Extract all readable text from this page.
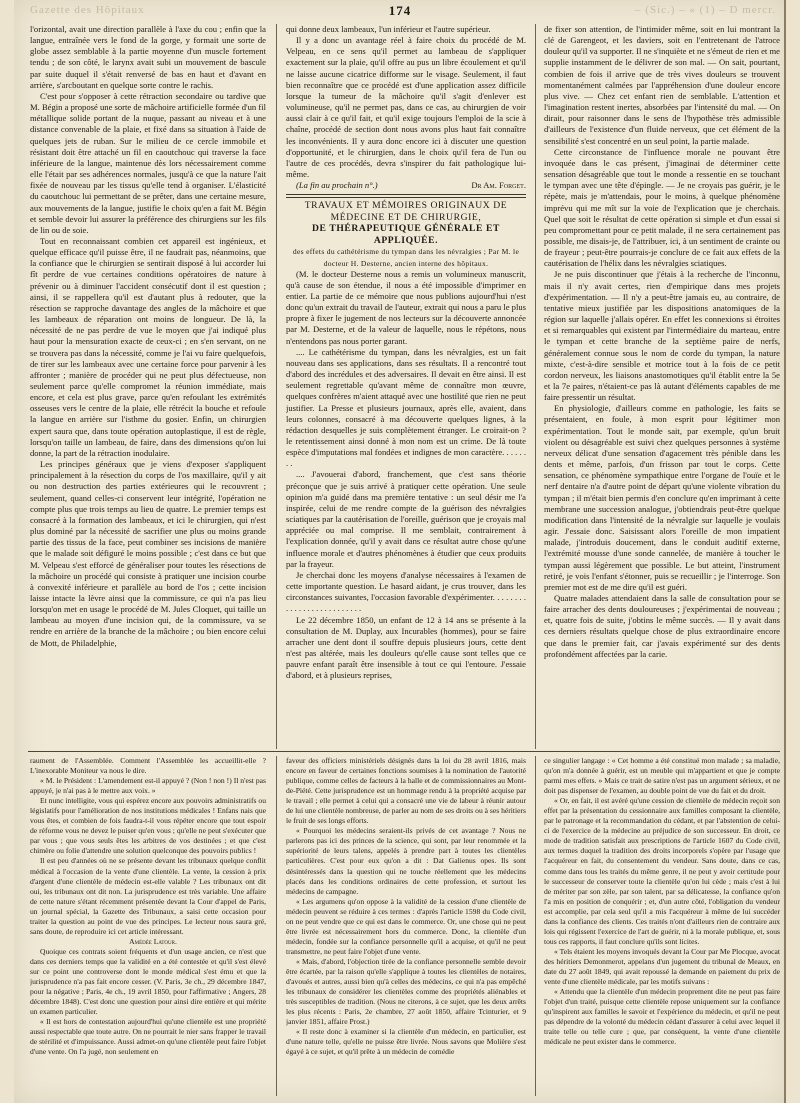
Gazette des Hôpitaux	174	‒ (Sic.) – « (1) ‒ D mercr.

l'orizontal, avait une direction parallèle à l'axe du cou ; enfin que la langue, entraînée vers le fond de la gorge, y formait une sorte de globe assez semblable à la partie moyenne d'un muscle fortement tendu ; de son côté, le larynx avait subi un mouvement de bascule par suite duquel il s'était renversé de bas en haut et d'avant en arrière, s'arcboutant en quelque sorte contre le rachis.

C'est pour s'opposer à cette rétraction secondaire ou tardive que M. Bégin a proposé une sorte de mâchoire artificielle formée d'un fil métallique solide portant de la nuque, passant au niveau et à une distance convenable de la plaie, et fixé dans sa situation à l'aide de quelques jets de ruban. Sur le milieu de ce cercle immobile et résistant doit être attaché un fil en caoutchouc qui traverse la face inférieure de la langue, maintenue dès lors nécessairement comme elle l'était par ses adhérences normales, jusqu'à ce que la nature l'ait fixée de nouveau par les tissus qu'elle tend à organiser. L'élasticité du caoutchouc lui permettant de se prêter, dans une certaine mesure, aux mouvements de la langue, justifie le choix qu'en a fait M. Bégin et semble devoir lui assurer la préférence des chirurgiens sur les fils de lin ou de soie.

Tout en reconnaissant combien cet appareil est ingénieux, et quelque efficace qu'il puisse être, il ne faudrait pas, néanmoins, que la confiance que le chirurgien se sentirait disposé à lui accorder lui fît perdre de vue certaines conditions opératoires de nature à prévenir ou à diminuer l'accident consécutif dont il est question ; ainsi, il se rappellera qu'il est d'autant plus à redouter, que la résection se rapproche davantage des angles de la mâchoire et que les lambeaux de réparation ont moins de longueur. De là, la nécessité de ne pas perdre de vue le moyen que j'ai indiqué plus haut pour la mensuration exacte de ceux-ci ; en s'en servant, on ne se trouvera pas dans la nécessité, comme je l'ai vu faire quelquefois, de tirer sur les lambeaux avec une certaine force pour parvenir à les affronter ; manière de procéder qui ne peut plus défectueuse, non seulement parce qu'elle compromet la réunion immédiate, mais encore, et cela est plus grave, parce qu'en refoulant les extrémités osseuses vers le centre de la plaie, elle rétrécit la bouche et refoule la langue en arrière sur l'isthme du gosier. Enfin, un chirurgien expert saura que, dans toute opération autoplastique, il est de règle, lorsqu'on taille un lambeau, de faire, dans des dimensions qu'on lui donne, la part de la rétraction inodulaire.

Les principes généraux que je viens d'exposer s'appliquent principalement à la résection du corps de l'os maxillaire, qu'il y ait ou non destruction des parties extérieures qui le recouvrent ; seulement, quand celles-ci conservent leur intégrité, l'opération ne compte plus que trois temps au lieu de quatre. Le premier temps est consacré à la formation des lambeaux, et ici le chirurgien, qui n'est plus dominé par la nécessité de sacrifier une plus ou moins grande partie des tissus de la face, peut combiner ses incisions de manière que le malade soit défiguré le moins possible ; c'est dans ce but que M. Velpeau s'est efforcé de généraliser pour toutes les résections de la mâchoire un procédé qui consiste à pratiquer une incision courbe à convexité inférieure et parallèle au bord de l'os ; cette incision laisse intacte la lèvre ainsi que la commissure, ce qui n'a pas lieu lorsqu'on met en usage le procédé de M. Jules Cloquet, qui taille un lambeau au moyen d'une incision qui, de la commissure, va se rendre en arrière de la branche de la mâchoire ; ou bien encore celui de Mott, de Philadelphie,

qui donne deux lambeaux, l'un inférieur et l'autre supérieur.

Il y a donc un avantage réel à faire choix du procédé de M. Velpeau, en ce sens qu'il permet au lambeau de s'appliquer exactement sur la plaie, qu'il offre au pus un libre écoulement et qu'il ne laisse aucune cicatrice difforme sur le visage. Seulement, il faut bien reconnaître que ce procédé est d'une application assez difficile lorsque la tumeur de la mâchoire qu'il s'agit d'enlever est volumineuse, qu'il ne permet pas, dans ce cas, au chirurgien de voir aussi clair à ce qu'il fait, et qu'il exige toujours l'emploi de la scie à chaîne, procédé de section dont nous avons plus haut fait connaître les inconvénients. Il y aura donc encore ici à discuter une question d'opportunité, et le chirurgien, dans le choix qu'il fera de l'un ou l'autre de ces procédés, devra s'inspirer du fait pathologique lui-même.

(La fin au prochain n°.)	Dr Am. Forget.

TRAVAUX ET MÉMOIRES ORIGINAUX DE MÉDECINE ET DE CHIRURGIE,

DE THÉRAPEUTIQUE GÉNÉRALE ET APPLIQUÉE.

des effets du cathétérisme du tympan dans les névralgies ; Par M. le docteur H. Desterne, ancien interne des hôpitaux.

(M. le docteur Desterne nous a remis un volumineux manuscrit, qu'à cause de son étendue, il nous a été impossible d'imprimer en entier. La partie de ce mémoire que nous publions aujourd'hui n'est donc qu'un extrait du travail de l'auteur, extrait qui nous a paru le plus propre à fixer le jugement de nos lecteurs sur la découverte annoncée par M. Desterne, et de la valeur de laquelle, nous le répétons, nous n'entendons pas nous porter garant.

.... Le cathétérisme du tympan, dans les névralgies, est un fait nouveau dans ses applications, dans ses résultats. Il a rencontré tout d'abord des incrédules et des adversaires. Il devait en être ainsi. Il est seulement regrettable qu'avant même de connaître mon œuvre, quelques confrères m'aient attaqué avec une hostilité que rien ne peut justifier. La Presse et plusieurs journaux, après elle, avaient, dans leurs colonnes, consacré à ma découverte quelques lignes, à la rédaction desquelles je suis complètement étranger. Le croirait-on ? le retentissement ainsi donné à mon nom est un crime. De là toute espèce d'imputations mal fondées et indignes de mon caractère. . . . . . . .

.... J'avouerai d'abord, franchement, que c'est sans théorie préconçue que je suis arrivé à pratiquer cette opération. Une seule opinion m'a guidé dans ma première tentative : un seul désir me l'a inspirée, celui de me rendre compte de la guérison des névralgies sciatiques par la cautérisation de l'oreille, guérison que je croyais mal appréciée ou mal comprise. Il me semblait, contrairement à l'explication donnée, qu'il y avait dans ce résultat autre chose qu'une influence morale et d'autres phénomènes à étudier que ceux produits par la frayeur.

Je cherchai donc les moyens d'analyse nécessaires à l'examen de cette importante question. Le hasard aidant, je crus trouver, dans les circonstances suivantes, l'occasion favorable d'expérimenter. . . . . . . . . . . . . . . . . . . . . . . . . .

Le 22 décembre 1850, un enfant de 12 à 14 ans se présente à la consultation de M. Duplay, aux Incurables (hommes), pour se faire arracher une dent dont il souffre depuis plusieurs jours, cette dent n'est pas altérée, mais les douleurs qu'elle cause sont telles que ce pauvre enfant paraît être insensible à tout ce qui l'entoure. J'essaie d'abord, et à plusieurs reprises,

de fixer son attention, de l'intimider même, soit en lui montrant la clé de Garengeot, et les daviers, soit en l'entretenant de l'atroce douleur qu'il va supporter. Il ne s'inquiète et ne s'émeut de rien et me supplie instamment de le délivrer de son mal. — On sait, pourtant, combien de fois il arrive que de très vives douleurs se trouvent momentanément calmées par l'appréhension d'une douleur encore plus vive. — Chez cet enfant rien de semblable. L'attention et l'imagination restent inertes, absorbées par l'intensité du mal. — On dirait, pour raisonner dans le sens de l'hypothèse très admissible d'ailleurs de l'existence d'un fluide nerveux, que cet élément de la sensibilité s'est concentré en un seul point, la partie malade.

Cette circonstance de l'influence morale ne pouvant être invoquée dans le cas présent, j'imaginai de déterminer cette sensation désagréable que tout le monde a ressentie en se touchant le tympan avec une tête d'épingle. — Je ne croyais pas guérir, je le répète, mais je m'attendais, pour le moins, à quelque phénomène imprévu qui me mît sur la voie de l'explication que je cherchais. Quel que soit le résultat de cette opération si simple et d'un essai si peu compromettant pour ce petit malade, il ne sera certainement pas possible, me disais-je, de l'attribuer, ici, à un sentiment de crainte ou de frayeur ; peut-être pourrais-je conclure de ce fait aux effets de la cautérisation de l'hélix dans les névralgies sciatiques.

Je ne puis discontinuer que j'étais à la recherche de l'inconnu, mais il n'y avait certes, rien d'empirique dans mes projets d'expérimentation. — Il n'y a peut-être jamais eu, au contraire, de tentative mieux justifiée par les dispositions anatomiques de la région sur laquelle j'allais opérer. En effet les connexions si étroites et si remarquables qui existent par l'intermédiaire du marteau, entre le tympan et cette branche de la septième paire de nerfs, généralement connue sous le nom de corde du tympan, la nature mixte, c'est-à-dire sensible et motrice tout à la fois de ce petit cordon nerveux, les liaisons anastomotiques qu'il établit entre la 5e et la 7e paires, n'étaient-ce pas là autant d'éléments capables de me faire pressentir un résultat.

En physiologie, d'ailleurs comme en pathologie, les faits se présentaient, en foule, à mon esprit pour légitimer mon expérimentation. Tout le monde sait, par exemple, qu'un bruit violent ou désagréable est suivi chez quelques personnes à système nerveux délicat d'une sensation d'agacement très pénible dans les dents et même, parfois, d'un frisson par tout le corps. Cette sensation, ce phénomène sympathique entre l'organe de l'ouïe et le nerf dentaire n'a d'autre point de départ qu'une violente vibration du tympan ; il m'était bien permis d'en conclure qu'en imprimant à cette membrane une succession analogue, j'obtiendrais peut-être quelque modification dans l'intensité de la névralgie sur laquelle je voulais agir. J'essaie donc. Saisissant alors l'oreille de mon impatient malade, j'introduis doucement, dans le conduit auditif externe, l'extrémité mousse d'une sonde cannelée, de manière à toucher le tympan aussi légèrement que possible. Le but atteint, l'instrument retiré, je vois l'enfant s'étonner, puis se recueillir ; je l'interroge. Son premier mot est de me dire qu'il est guéri.

Quatre malades attendaient dans la salle de consultation pour se faire arracher des dents douloureuses ; j'expérimentai de nouveau ; et, quatre fois de suite, j'obtins le même succès. — Il y avait dans ces derniers résultats quelque chose de plus extraordinaire encore que dans le premier fait, car j'avais expérimenté sur des dents profondément affectées par la carie.

raument de l'Assemblée. Comment l'Assemblée les accueillit-elle ? L'inexorable Moniteur va nous le dire.

« M. le Président : L'amendement est-il appuyé ? (Non ! non !) Il n'est pas appuyé, je n'ai pas à le mettre aux voix. »

Et nunc intelligite, vous qui espérez encore aux pouvoirs administratifs ou législatifs pour l'amélioration de nos institutions médicales ! Enfans nais que vous êtes, et combien de fois faudra-t-il vous répéter encore que tout espoir de réforme vous ne devez le puiser qu'en vous ; qu'elle ne peut s'exécuter que par vous ; que vous seuls êtes les arbitres de vos destinées ; et que c'est chimère ou folie d'attendre une solution quelconque des pouvoirs publics !

Il est peu d'années où ne se présente devant les tribunaux quelque conflit médical à l'occasion de la vente d'une clientèle. La vente, la cession à prix d'argent d'une clientèle de médecin est-elle valable ? Les tribunaux ont dit oui, les tribunaux ont dit non. La jurisprudence est très variable. Une affaire de cette nature s'étant récemment présentée devant la Cour d'appel de Paris, un journal spécial, la Gazette des Tribunaux, a saisi cette occasion pour traiter la question au point de vue des principes. Le lecteur nous saura gré, sans doute, de reproduire ici cet article intéressant.

Amédée Latour.

Quoique ces contrats soient fréquents et d'un usage ancien, ce n'est que dans ces derniers temps que la validité en a été contestée et qu'il s'est élevé sur ce point une controverse dont le monde médical s'est ému et que la jurisprudence n'a pas fait encore cesser. (V. Paris, 3e ch., 29 décembre 1847, pour la négative ; Paris, 4e ch., 19 avril 1850, pour l'affirmative ; Angers, 28 décembre 1848). C'est donc une question pour ainsi dire entière et qui mérite un examen particulier.

« Il est hors de contestation aujourd'hui qu'une clientèle est une propriété aussi respectable que toute autre. On ne pourrait le nier sans frapper le travail de stérilité et d'impuissance. Aussi admet-on qu'une clientèle peut faire l'objet d'une vente. On l'a jugé, non seulement en

faveur des officiers ministériels désignés dans la loi du 28 avril 1816, mais encore en faveur de certaines fonctions soumises à la nomination de l'autorité publique, comme celles de facteurs à la halle et de commissionnaires au Mont-de-Piété. Cette jurisprudence est un hommage rendu à la propriété acquise par le travail ; elle permet à celui qui a consacré une vie de labeur à réunir autour de lui une clientèle nombreuse, de parler au nom de ses droits ou à ses héritiers le fruit de ses longs efforts.

« Pourquoi les médecins seraient-ils privés de cet avantage ? Nous ne parlerons pas ici des princes de la science, qui sont, par leur renommée et la supériorité de leurs talens, appelés à prendre part à toutes les clientèles particulières. C'est pour eux qu'on a dit : Dat Galienus opes. Ils sont désintéressés dans la question qui ne touche réellement que les médecins placés dans les conditions ordinaires de cette profession, et surtout les médecins de campagne.

« Les argumens qu'on oppose à la validité de la cession d'une clientèle de médecin peuvent se réduire à ces termes : d'après l'article 1598 du Code civil, on ne peut vendre que ce qui est dans le commerce. Or, une chose qui ne peut être livrée est nécessairement hors du commerce. Donc, la clientèle d'un médecin, fondée sur la confiance personnelle qu'il a acquise, et qu'il ne peut transmettre, ne peut faire l'objet d'une vente.

« Mais, d'abord, l'objection tirée de la confiance personnelle semble devoir être écartée, par la raison qu'elle s'applique à toutes les clientèles de notaires, d'avoués et autres, aussi bien qu'à celles des médecins, ce qui n'a pas empêché les tribunaux de considérer les clientèles comme des propriétés aliénables et très susceptibles de tradition. (Nous ne citerons, à ce sujet, que les deux arrêts les plus récents : Paris, 2e chambre, 27 août 1850, affaire Tcinturier, et 9 janvier 1851, affaire Prost.)

« Il reste donc à examiner si la clientèle d'un médecin, en particulier, est d'une nature telle, qu'elle ne puisse être livrée. Nous savons que Molière s'est égayé à ce sujet, et qu'il prête à un médecin de comédie

ce singulier langage : « Cet homme a été constitué mon malade ; sa maladie, qu'on m'a donnée à guérir, est un meuble qui m'appartient et que je compte parmi mes effets. » Mais ce trait de satire n'est pas un argument sérieux, et ne doit pas dispenser de l'examen, au double point de vue du fait et du droit.

« Or, en fait, il est avéré qu'une cession de clientèle de médecin reçoit son effet par la présentation du cessionnaire aux familles composant la clientèle, par le patronage et la recommandation du cédant, et par l'abstention de celui-ci de l'exercice de la médecine au préjudice de son successeur. En droit, ce mode de tradition satisfait aux prescriptions de l'article 1607 du Code civil, aux termes duquel la tradition des droits incorporels s'opère par l'usage que l'acquéreur en fait, du consentement du vendeur. Sans doute, dans ce cas, comme dans tous les traités du même genre, il ne peut y avoir certitude pour le successeur de conserver toute la clientèle qu'on lui cède ; mais c'est à lui de mériter par son zèle, par son talent, par sa délicatesse, la confiance qu'on l'a mis en position de conquérir ; et, d'un autre côté, l'obligation du vendeur est accomplie, par cela seul qu'il a mis l'acquéreur à même de lui succéder dans la confiance des clients. Ces traités n'ont d'ailleurs rien de contraire aux lois qui régissent l'exercice de l'art de guérir, ni à la morale publique, et, sous tous ces rapports, il faut conclure qu'ils sont licites.

« Tels étaient les moyens invoqués devant la Cour par Me Plocque, avocat des héritiers Demonmerot, appelans d'un jugement du tribunal de Meaux, en date du 27 août 1849, qui avait repoussé la demande en paiement du prix de vente d'une clientèle médicale, par les motifs suivans :

« Attendu que la clientèle d'un médecin proprement dite ne peut pas faire l'objet d'un traité, puisque cette clientèle repose uniquement sur la confiance qu'inspirent aux familles le savoir et l'expérience du médecin, et qu'il ne peut pas dépendre de la volonté du médecin cédant d'assurer à celui avec lequel il traite telle ou telle cure ; que, par conséquent, la vente d'une clientèle médicale ne peut exister dans le commerce.
